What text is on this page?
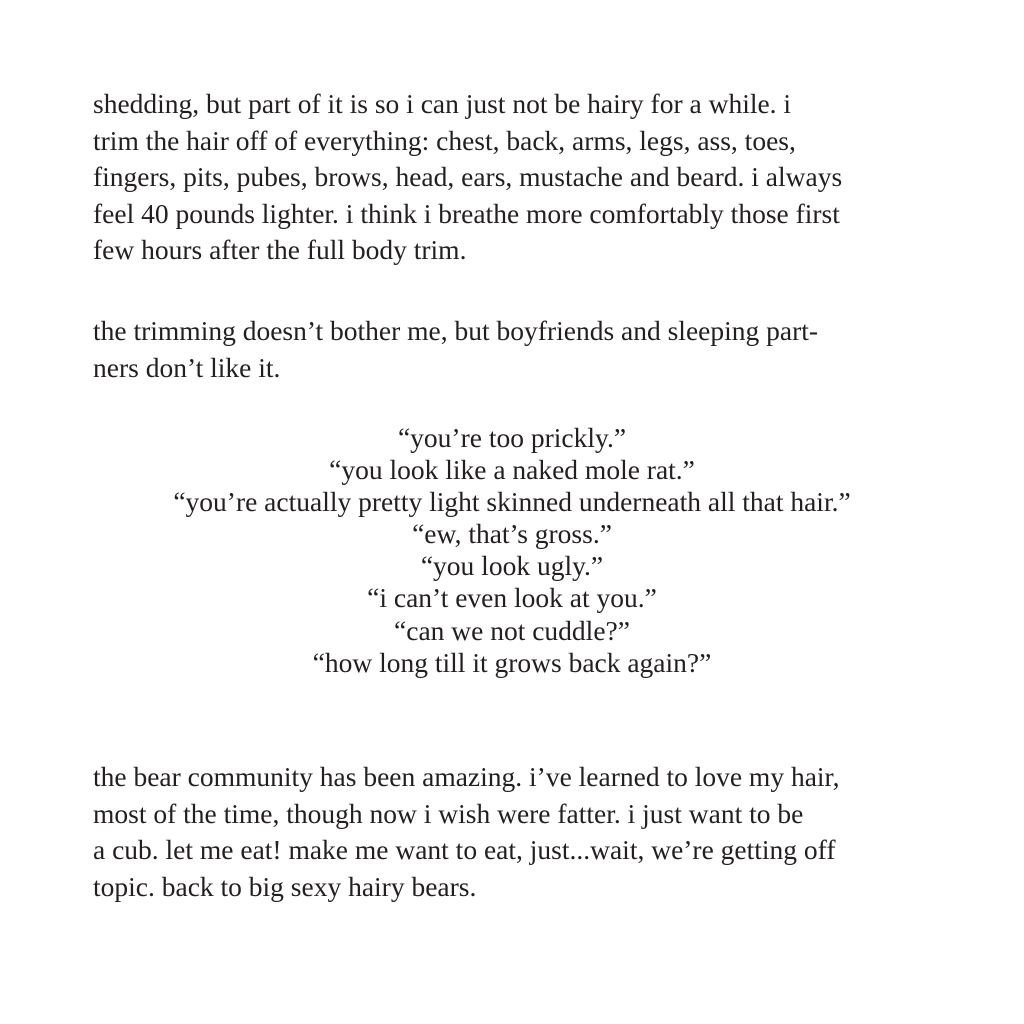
shedding, but part of it is so i can just not be hairy for a while. i
trim the hair off of everything: chest, back, arms, legs, ass, toes,
fingers, pits, pubes, brows, head, ears, mustache and beard. i always
feel 40 pounds lighter. i think i breathe more comfortably those first
few hours after the full body trim.

the trimming doesn’t bother me, but boyfriends and sleeping part-
ners don’t like it.

“you’re too prickly.”
“you look like a naked mole rat.”
“you’re actually pretty light skinned underneath all that hair.”
“ew, that’s gross.”
“you look ugly.”
“i can’t even look at you.”
“can we not cuddle?”
“how long till it grows back again?”

the bear community has been amazing. i’ve learned to love my hair,
most of the time, though now i wish were fatter. i just want to be
a cub. let me eat! make me want to eat, just...wait, we’re getting off
topic. back to big sexy hairy bears.
